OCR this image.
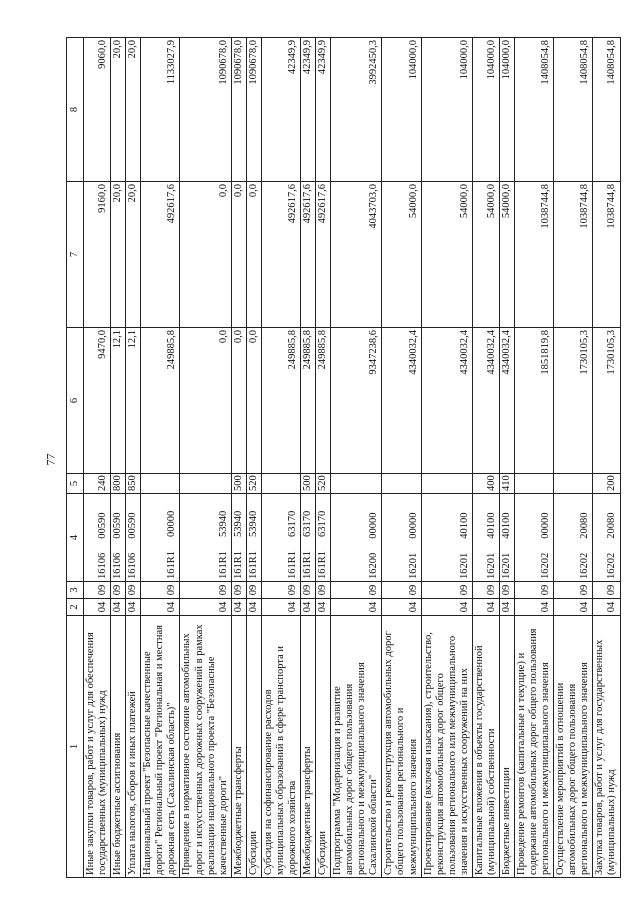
77
1	2	3	4	5	6	7	8
Иные закупки товаров, работ и услуг для обеспечения государственных (муниципальных) нужд	04	09	1610600590	240	9470,0	9160,0	9060,0
Иные бюджетные ассигнования	04	09	1610600590	800	12,1	20,0	20,0
Уплата налогов, сборов и иных платежей	04	09	1610600590	850	12,1	20,0	20,0
Национальный проект "Безопасные качественные дороги" Региональный проект "Региональная и местная дорожная сеть (Сахалинская область)"	04	09	161R100000		249885,8	492617,6	1133027,9
Приведение в нормативное состояние автомобильных дорог и искусственных дорожных сооружений в рамках реализации национального проекта "Безопасные качественные дороги"	04	09	161R153940		0,0	0,0	1090678,0
Межбюджетные трансферты	04	09	161R153940	500	0,0	0,0	1090678,0
Субсидии	04	09	161R153940	520	0,0	0,0	1090678,0
Субсидия на софинансирование расходов муниципальных образований в сфере транспорта и дорожного хозяйства	04	09	161R163170		249885,8	492617,6	42349,9
Межбюджетные трансферты	04	09	161R163170	500	249885,8	492617,6	42349,9
Субсидии	04	09	161R163170	520	249885,8	492617,6	42349,9
Подпрограмма "Модернизация и развитие автомобильных дорог общего пользования регионального и межмуниципального значения Сахалинской области"	04	09	1620000000		9347238,6	4043703,0	3992450,3
Строительство и реконструкция автомобильных дорог общего пользования регионального и межмуниципального значения	04	09	1620100000		4340032,4	54000,0	104000,0
Проектирование (включая изыскания), строительство, реконструкция автомобильных дорог общего пользования регионального или межмуниципального значения и искусственных сооружений на них	04	09	1620140100		4340032,4	54000,0	104000,0
Капитальные вложения в объекты государственной (муниципальной) собственности	04	09	1620140100	400	4340032,4	54000,0	104000,0
Бюджетные инвестиции	04	09	1620140100	410	4340032,4	54000,0	104000,0
Проведение ремонтов (капитальные и текущие) и содержание автомобильных дорог общего пользования регионального и межмуниципального значения	04	09	1620200000		1851819,8	1038744,8	1408054,8
Осуществление мероприятий в отношении автомобильных дорог общего пользования регионального и межмуниципального значения	04	09	1620220080		1730105,3	1038744,8	1408054,8
Закупка товаров, работ и услуг для государственных (муниципальных) нужд	04	09	1620220080	200	1730105,3	1038744,8	1408054,8
